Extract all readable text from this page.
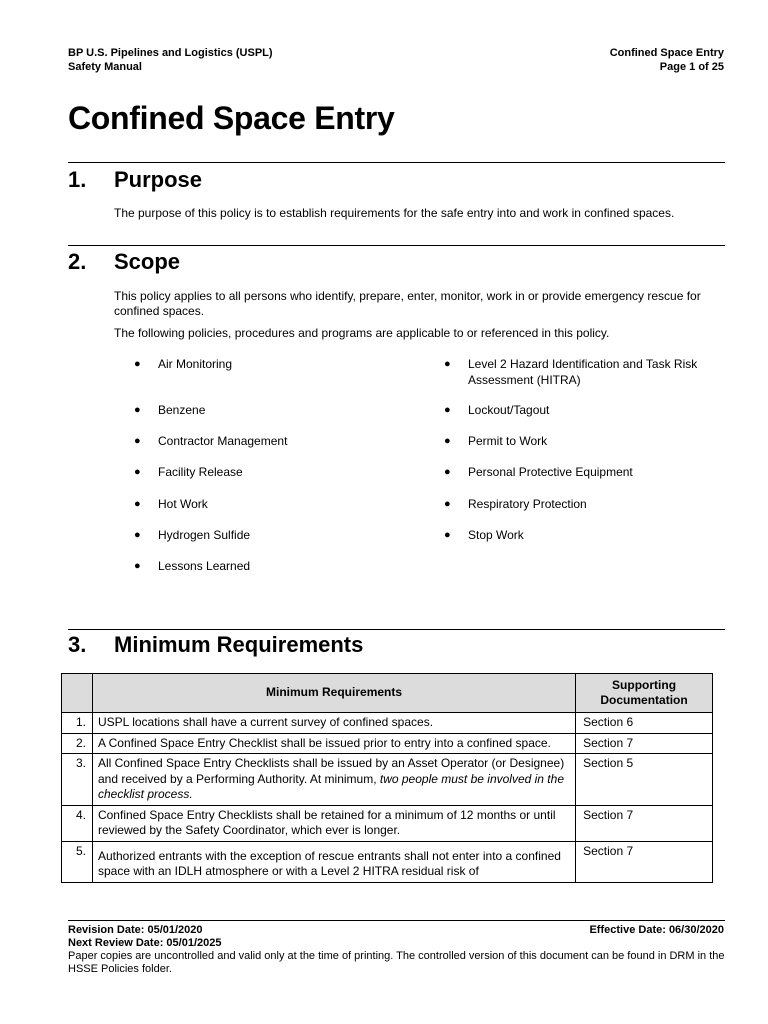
BP U.S. Pipelines and Logistics (USPL)
Safety Manual
Confined Space Entry
Page 1 of 25
Confined Space Entry
1. Purpose
The purpose of this policy is to establish requirements for the safe entry into and work in confined spaces.
2. Scope
This policy applies to all persons who identify, prepare, enter, monitor, work in or provide emergency rescue for confined spaces.
The following policies, procedures and programs are applicable to or referenced in this policy.
● Air Monitoring
● Benzene
● Contractor Management
● Facility Release
● Hot Work
● Hydrogen Sulfide
● Lessons Learned
● Level 2 Hazard Identification and Task Risk Assessment (HITRA)
● Lockout/Tagout
● Permit to Work
● Personal Protective Equipment
● Respiratory Protection
● Stop Work
3. Minimum Requirements
	Minimum Requirements	Supporting Documentation
1.	USPL locations shall have a current survey of confined spaces.	Section 6
2.	A Confined Space Entry Checklist shall be issued prior to entry into a confined space.	Section 7
3.	All Confined Space Entry Checklists shall be issued by an Asset Operator (or Designee) and received by a Performing Authority. At minimum, two people must be involved in the checklist process.	Section 5
4.	Confined Space Entry Checklists shall be retained for a minimum of 12 months or until reviewed by the Safety Coordinator, which ever is longer.	Section 7
5.	Authorized entrants with the exception of rescue entrants shall not enter into a confined space with an IDLH atmosphere or with a Level 2 HITRA residual risk of	Section 7
Revision Date: 05/01/2020	Effective Date: 06/30/2020
Next Review Date: 05/01/2025
Paper copies are uncontrolled and valid only at the time of printing. The controlled version of this document can be found in DRM in the HSSE Policies folder.
